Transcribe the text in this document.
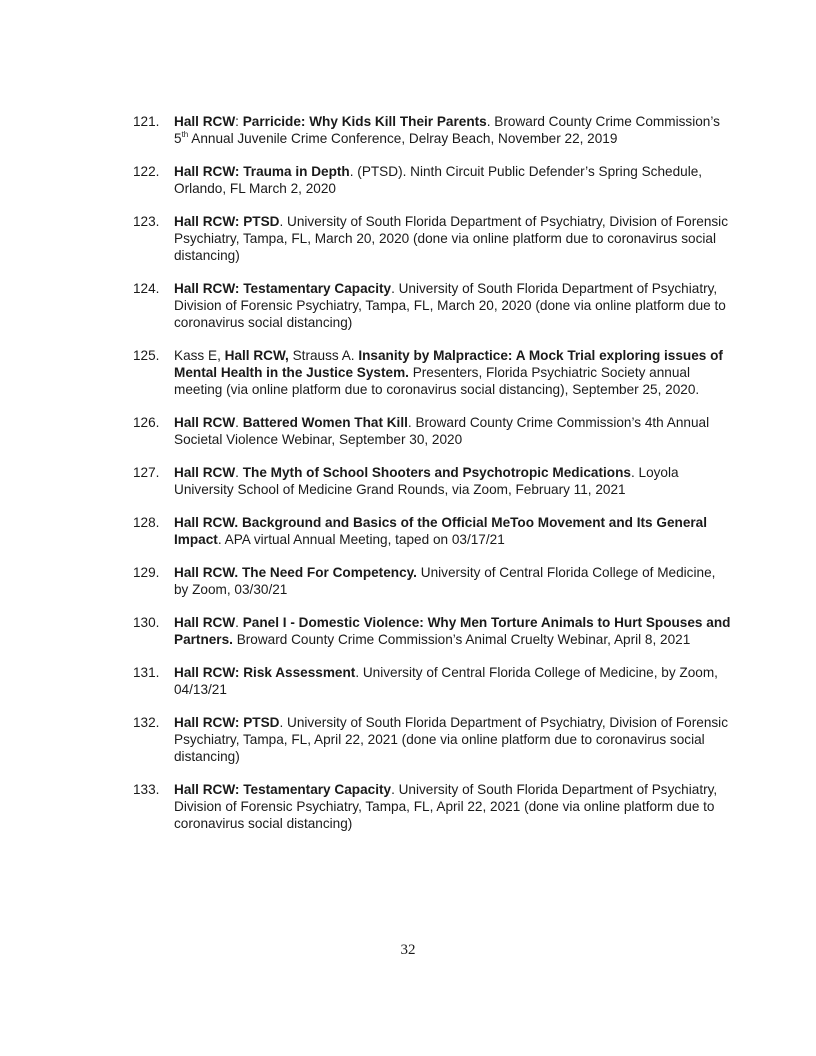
121. Hall RCW: Parricide: Why Kids Kill Their Parents. Broward County Crime Commission’s 5th Annual Juvenile Crime Conference, Delray Beach, November 22, 2019
122. Hall RCW: Trauma in Depth. (PTSD). Ninth Circuit Public Defender’s Spring Schedule, Orlando, FL March 2, 2020
123. Hall RCW: PTSD. University of South Florida Department of Psychiatry, Division of Forensic Psychiatry, Tampa, FL, March 20, 2020 (done via online platform due to coronavirus social distancing)
124. Hall RCW: Testamentary Capacity. University of South Florida Department of Psychiatry, Division of Forensic Psychiatry, Tampa, FL, March 20, 2020 (done via online platform due to coronavirus social distancing)
125. Kass E, Hall RCW, Strauss A. Insanity by Malpractice: A Mock Trial exploring issues of Mental Health in the Justice System. Presenters, Florida Psychiatric Society annual meeting (via online platform due to coronavirus social distancing), September 25, 2020.
126. Hall RCW. Battered Women That Kill. Broward County Crime Commission’s 4th Annual Societal Violence Webinar, September 30, 2020
127. Hall RCW. The Myth of School Shooters and Psychotropic Medications. Loyola University School of Medicine Grand Rounds, via Zoom, February 11, 2021
128. Hall RCW. Background and Basics of the Official MeToo Movement and Its General Impact. APA virtual Annual Meeting, taped on 03/17/21
129. Hall RCW. The Need For Competency. University of Central Florida College of Medicine, by Zoom, 03/30/21
130. Hall RCW. Panel I - Domestic Violence: Why Men Torture Animals to Hurt Spouses and Partners. Broward County Crime Commission’s Animal Cruelty Webinar, April 8, 2021
131. Hall RCW: Risk Assessment. University of Central Florida College of Medicine, by Zoom, 04/13/21
132. Hall RCW: PTSD. University of South Florida Department of Psychiatry, Division of Forensic Psychiatry, Tampa, FL, April 22, 2021 (done via online platform due to coronavirus social distancing)
133. Hall RCW: Testamentary Capacity. University of South Florida Department of Psychiatry, Division of Forensic Psychiatry, Tampa, FL, April 22, 2021 (done via online platform due to coronavirus social distancing)
32
